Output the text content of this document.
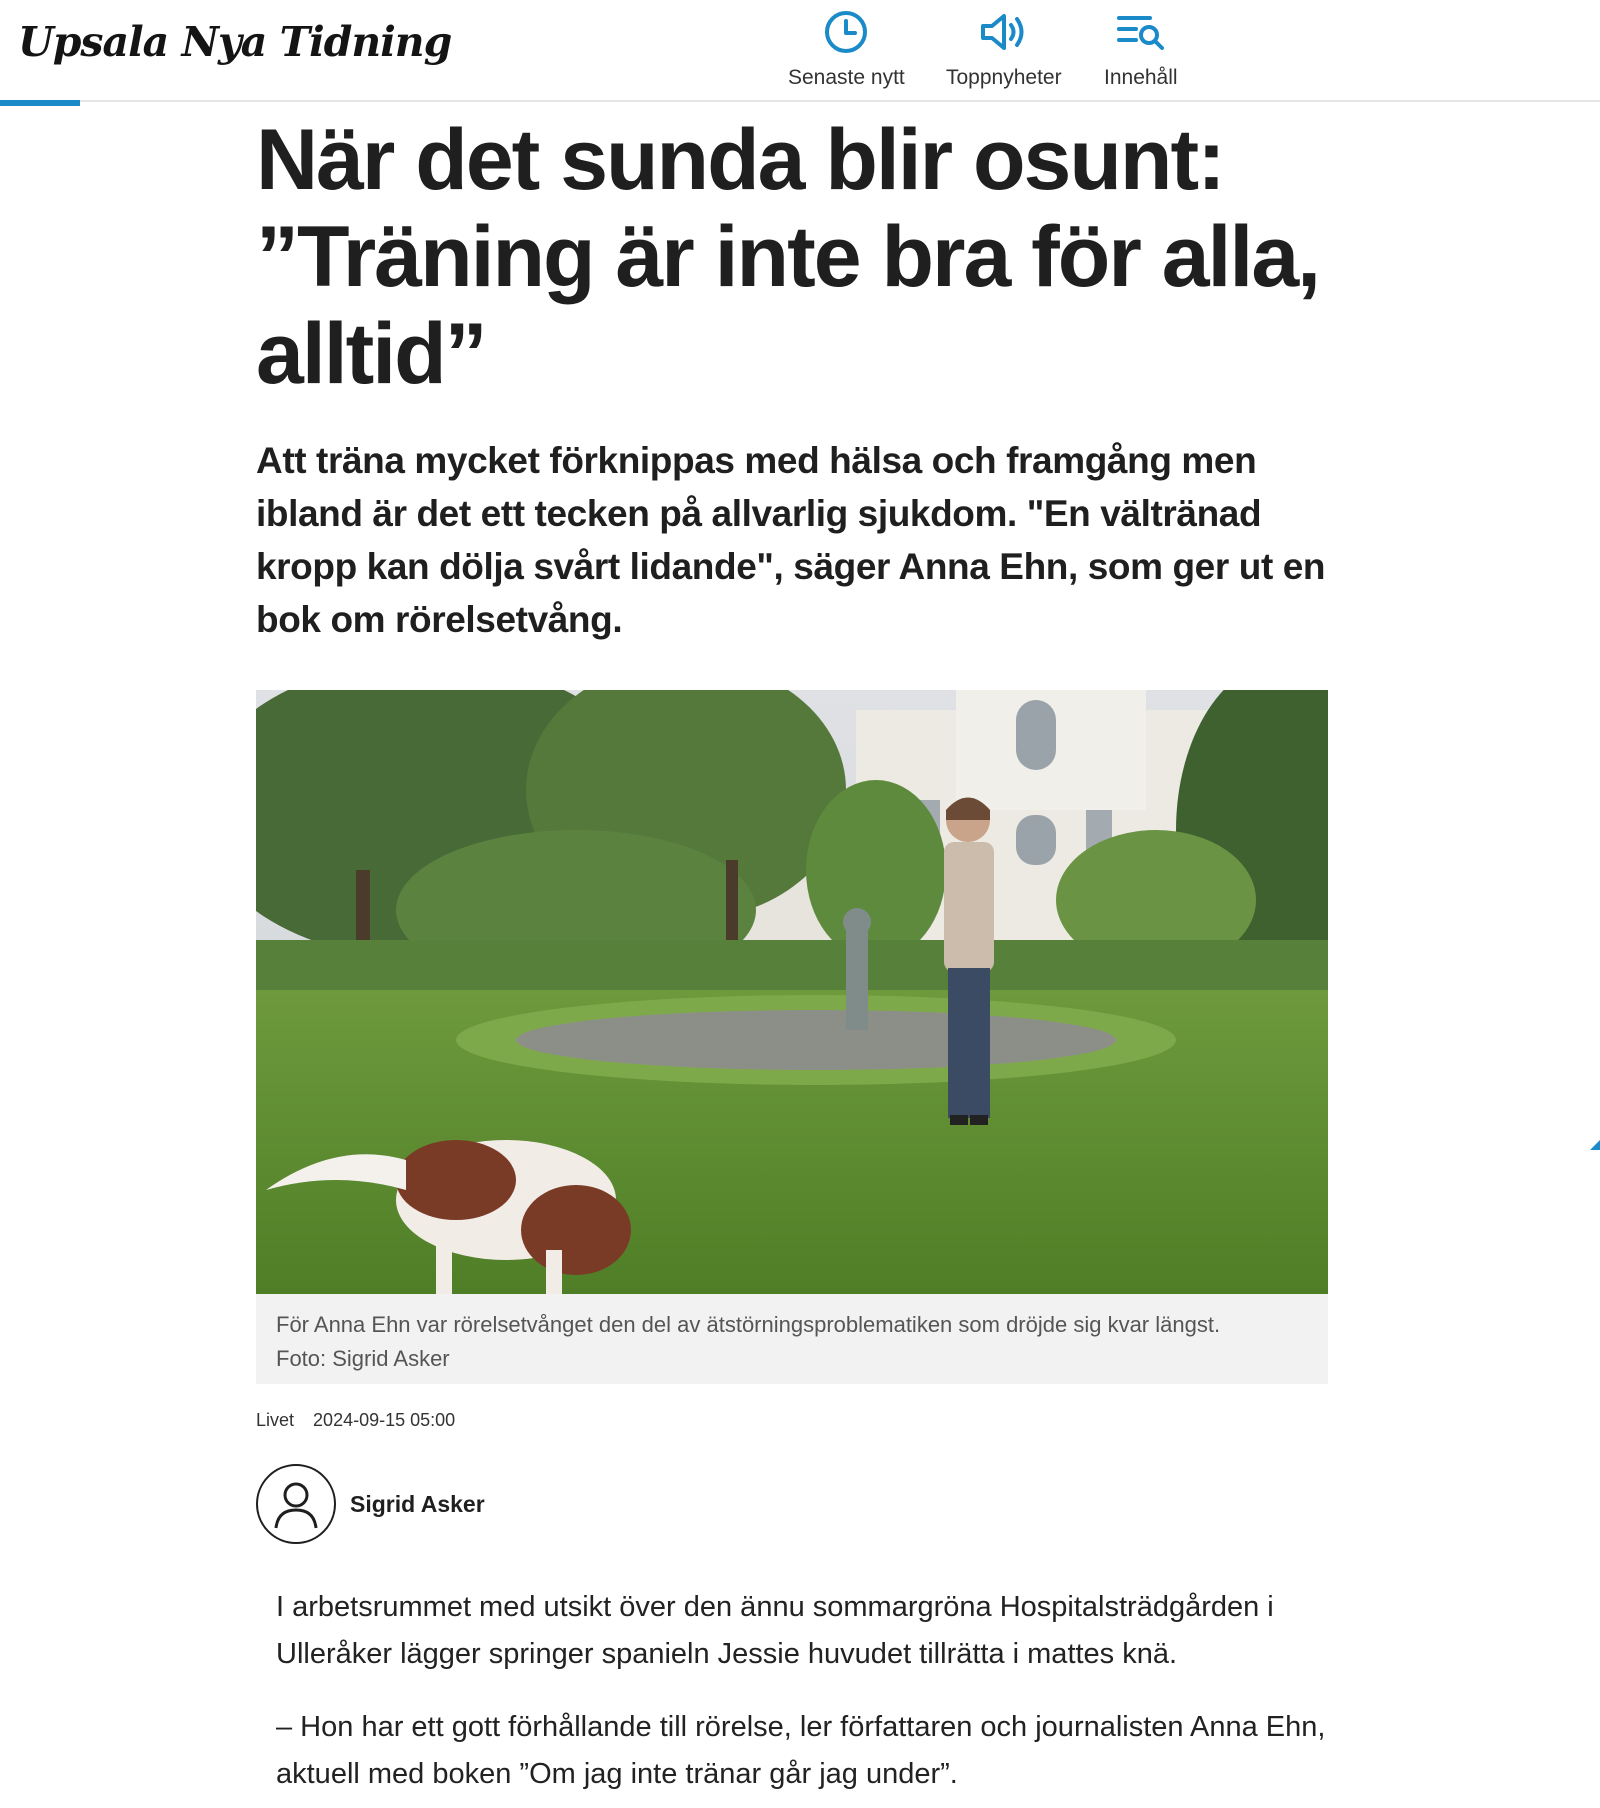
Upsala Nya Tidning
Senaste nytt Toppnyheter Innehåll
När det sunda blir osunt:
”Träning är inte bra för alla,
alltid”

Att träna mycket förknippas med hälsa och framgång men ibland är det ett tecken på allvarlig sjukdom. "En vältränad kropp kan dölja svårt lidande", säger Anna Ehn, som ger ut en bok om rörelsetvång.

För Anna Ehn var rörelsetvånget den del av ätstörningsproblematiken som dröjde sig kvar längst.
Foto: Sigrid Asker
Livet 2024-09-15 05:00
Sigrid Asker

I arbetsrummet med utsikt över den ännu sommargröna Hospitalsträdgården i Ulleråker lägger springer spanieln Jessie huvudet tillrätta i mattes knä.

– Hon har ett gott förhållande till rörelse, ler författaren och journalisten Anna Ehn, aktuell med boken ”Om jag inte tränar går jag under”.
